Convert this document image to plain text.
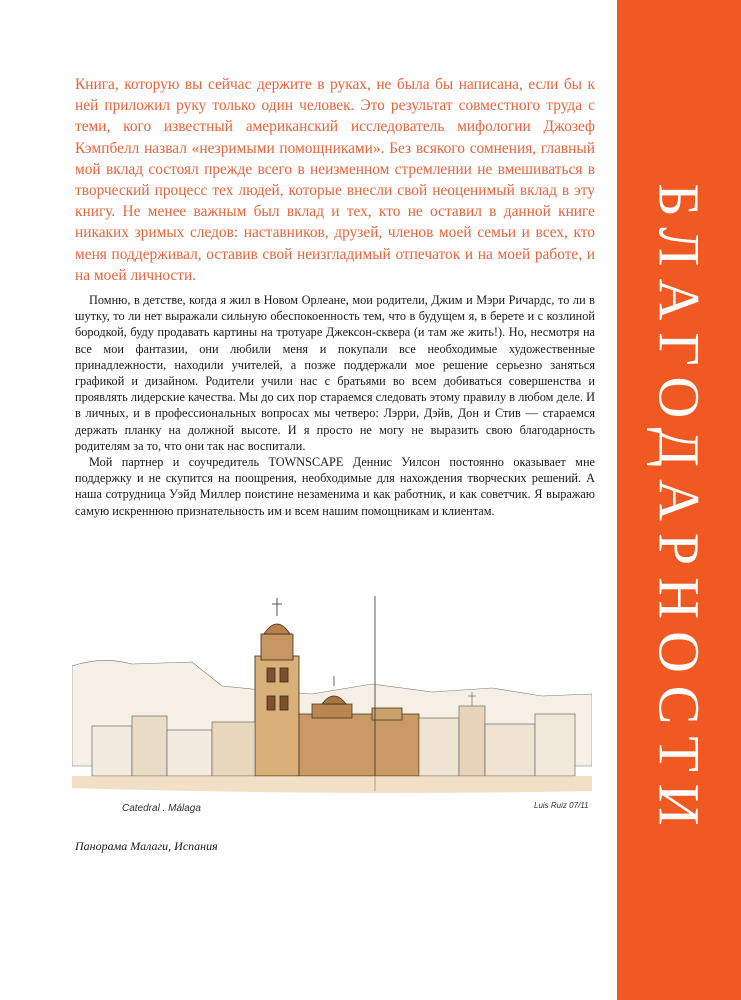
БЛАГОДАРНОСТИ

Книга, которую вы сейчас держите в руках, не была бы написана, если бы к ней приложил руку только один человек. Это результат совместного труда с теми, кого известный американский исследователь мифологии Джозеф Кэмпбелл назвал «незримыми помощниками». Без всякого сомнения, главный мой вклад состоял прежде всего в неизменном стремлении не вмешиваться в творческий процесс тех людей, которые внесли свой неоценимый вклад в эту книгу. Не менее важным был вклад и тех, кто не оставил в данной книге никаких зримых следов: наставников, друзей, членов моей семьи и всех, кто меня поддерживал, оставив свой неизгладимый отпечаток и на моей работе, и на моей личности.

Помню, в детстве, когда я жил в Новом Орлеане, мои родители, Джим и Мэри Ричардс, то ли в шутку, то ли нет выражали сильную обеспокоенность тем, что в будущем я, в берете и с козлиной бородкой, буду продавать картины на тротуаре Джексон-сквера (и там же жить!). Но, несмотря на все мои фантазии, они любили меня и покупали все необходимые художественные принадлежности, находили учителей, а позже поддержали мое решение серьезно заняться графикой и дизайном. Родители учили нас с братьями во всем добиваться совершенства и проявлять лидерские качества. Мы до сих пор стараемся следовать этому правилу в любом деле. И в личных, и в профессиональных вопросах мы четверо: Лэрри, Дэйв, Дон и Стив — стараемся держать планку на должной высоте. И я просто не могу не выразить свою благодарность родителям за то, что они так нас воспитали.

Мой партнер и соучредитель TOWNSCAPE Деннис Уилсон постоянно оказывает мне поддержку и не скупится на поощрения, необходимые для нахождения творческих решений. А наша сотрудница Уэйд Миллер поистине незаменима и как работник, и как советчик. Я выражаю самую искреннюю признательность им и всем нашим помощникам и клиентам.

Catedral . Málaga	Luis Ruiz 07/11
Панорама Малаги, Испания
